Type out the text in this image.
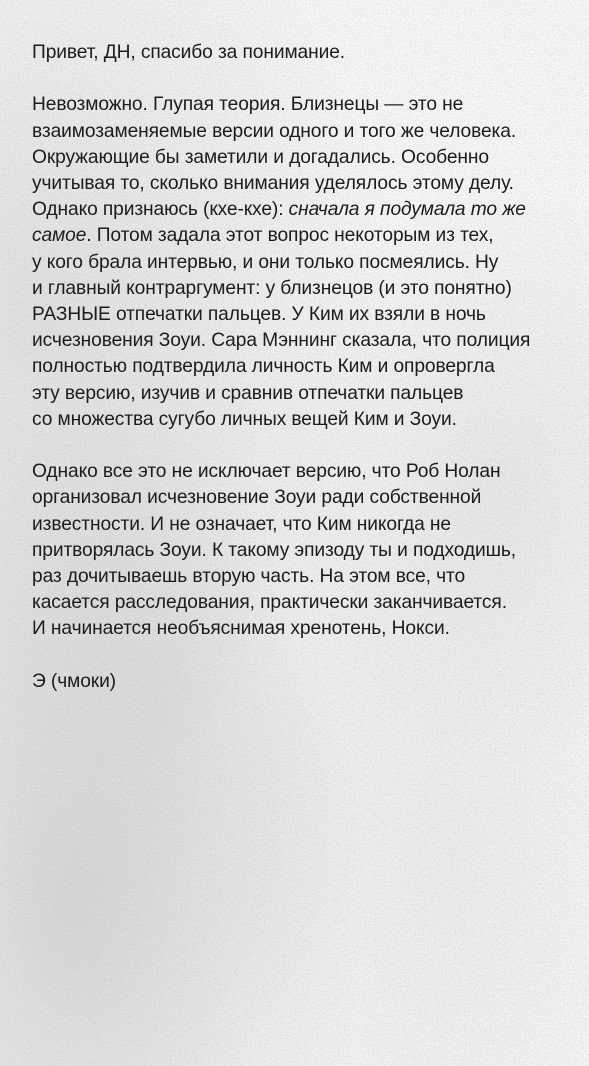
Привет, ДН, спасибо за понимание.

Невозможно. Глупая теория. Близнецы — это не
взаимозаменяемые версии одного и того же человека.
Окружающие бы заметили и догадались. Особенно
учитывая то, сколько внимания уделялось этому делу.
Однако признаюсь (кхе-кхе): сначала я подумала то же
самое. Потом задала этот вопрос некоторым из тех,
у кого брала интервью, и они только посмеялись. Ну
и главный контраргумент: у близнецов (и это понятно)
РАЗНЫЕ отпечатки пальцев. У Ким их взяли в ночь
исчезновения Зоуи. Сара Мэннинг сказала, что полиция
полностью подтвердила личность Ким и опровергла
эту версию, изучив и сравнив отпечатки пальцев
со множества сугубо личных вещей Ким и Зоуи.

Однако все это не исключает версию, что Роб Нолан
организовал исчезновение Зоуи ради собственной
известности. И не означает, что Ким никогда не
притворялась Зоуи. К такому эпизоду ты и подходишь,
раз дочитываешь вторую часть. На этом все, что
касается расследования, практически заканчивается.
И начинается необъяснимая хренотень, Нокси.

Э (чмоки)
